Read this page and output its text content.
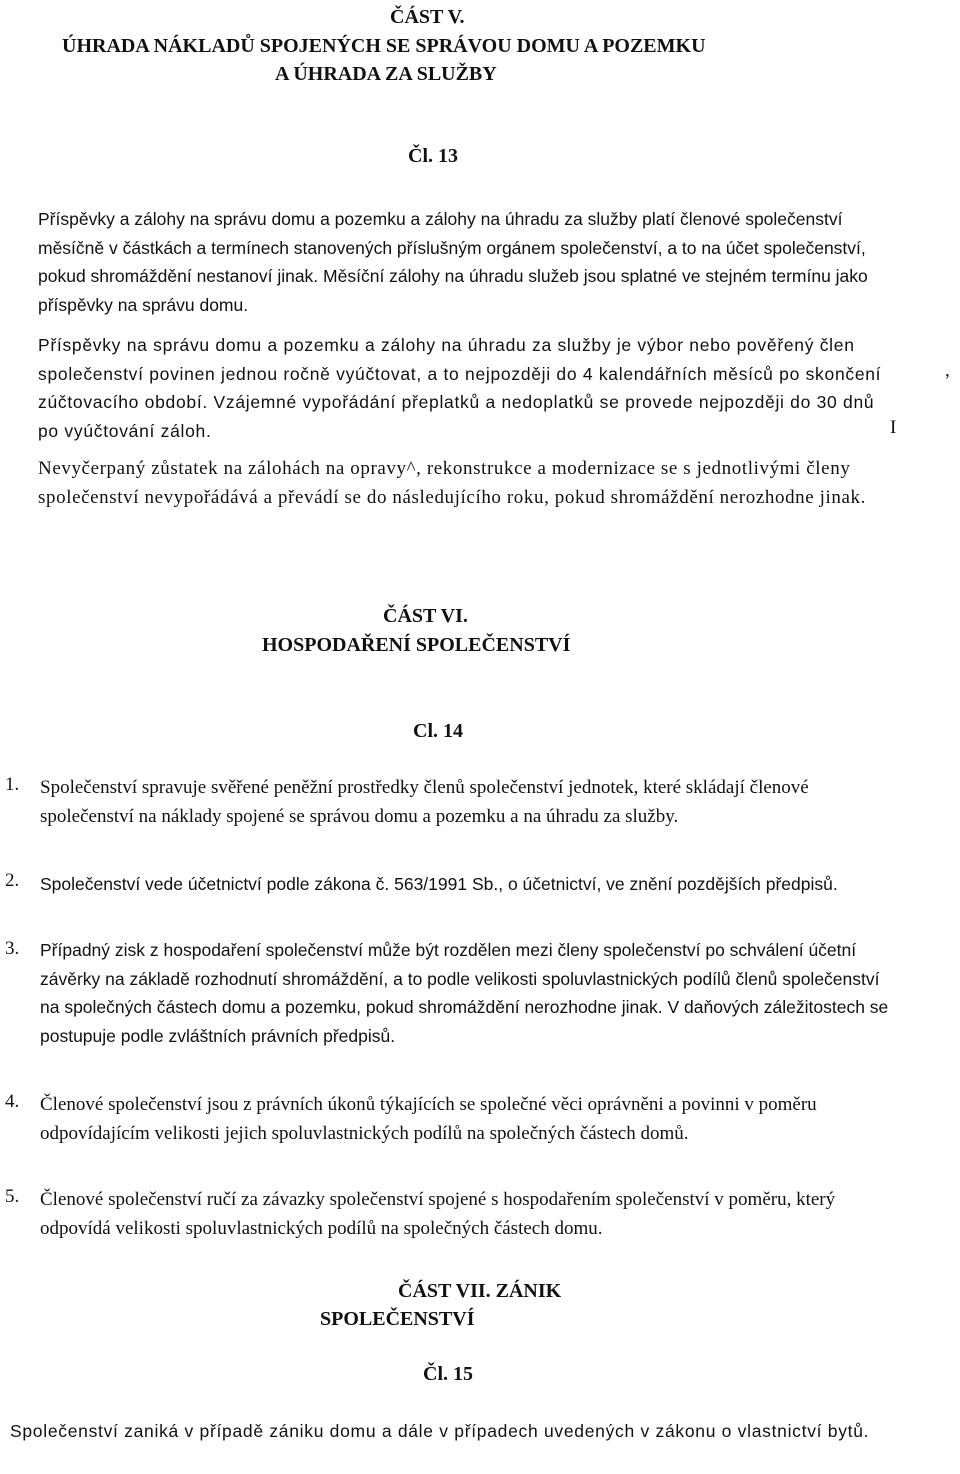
ČÁST V.
ÚHRADA NÁKLADŮ SPOJENÝCH SE SPRÁVOU DOMU A POZEMKU
A ÚHRADA ZA SLUŽBY
Čl. 13
Příspěvky a zálohy na správu domu a pozemku a zálohy na úhradu za služby platí členové společenství měsíčně v částkách a termínech stanovených příslušným orgánem společenství, a to na účet společenství, pokud shromáždění nestanoví jinak. Měsíční zálohy na úhradu služeb jsou splatné ve stejném termínu jako příspěvky na správu domu.
Příspěvky na správu domu a pozemku a zálohy na úhradu za služby je výbor nebo pověřený člen společenství povinen jednou ročně vyúčtovat, a to nejpozději do 4 kalendářních měsíců po skončení zúčtovacího období. Vzájemné vypořádání přeplatků a nedoplatků se provede nejpozději do 30 dnů po vyúčtování záloh.
,
I
Nevyčerpaný zůstatek na zálohách na opravy^, rekonstrukce a modernizace se s jednotlivými členy společenství nevypořádává a převádí se do následujícího roku, pokud shromáždění nerozhodne jinak.
ČÁST VI.
HOSPODAŘENÍ SPOLEČENSTVÍ
Cl. 14
1. Společenství spravuje svěřené peněžní prostředky členů společenství jednotek, které skládají členové společenství na náklady spojené se správou domu a pozemku a na úhradu za služby.
2. Společenství vede účetnictví podle zákona č. 563/1991 Sb., o účetnictví, ve znění pozdějších předpisů.
3. Případný zisk z hospodaření společenství může být rozdělen mezi členy společenství po schválení účetní závěrky na základě rozhodnutí shromáždění, a to podle velikosti spoluvlastnických podílů členů společenství na společných částech domu a pozemku, pokud shromáždění nerozhodne jinak. V daňových záležitostech se postupuje podle zvláštních právních předpisů.
4. Členové společenství jsou z právních úkonů týkajících se společné věci oprávněni a povinni v poměru odpovídajícím velikosti jejich spoluvlastnických podílů na společných částech domů.
5. Členové společenství ručí za závazky společenství spojené s hospodařením společenství v poměru, který odpovídá velikosti spoluvlastnických podílů na společných částech domu.
ČÁST VII. ZÁNIK
SPOLEČENSTVÍ
Čl. 15
Společenství zaniká v případě zániku domu a dále v případech uvedených v zákonu o vlastnictví bytů.
